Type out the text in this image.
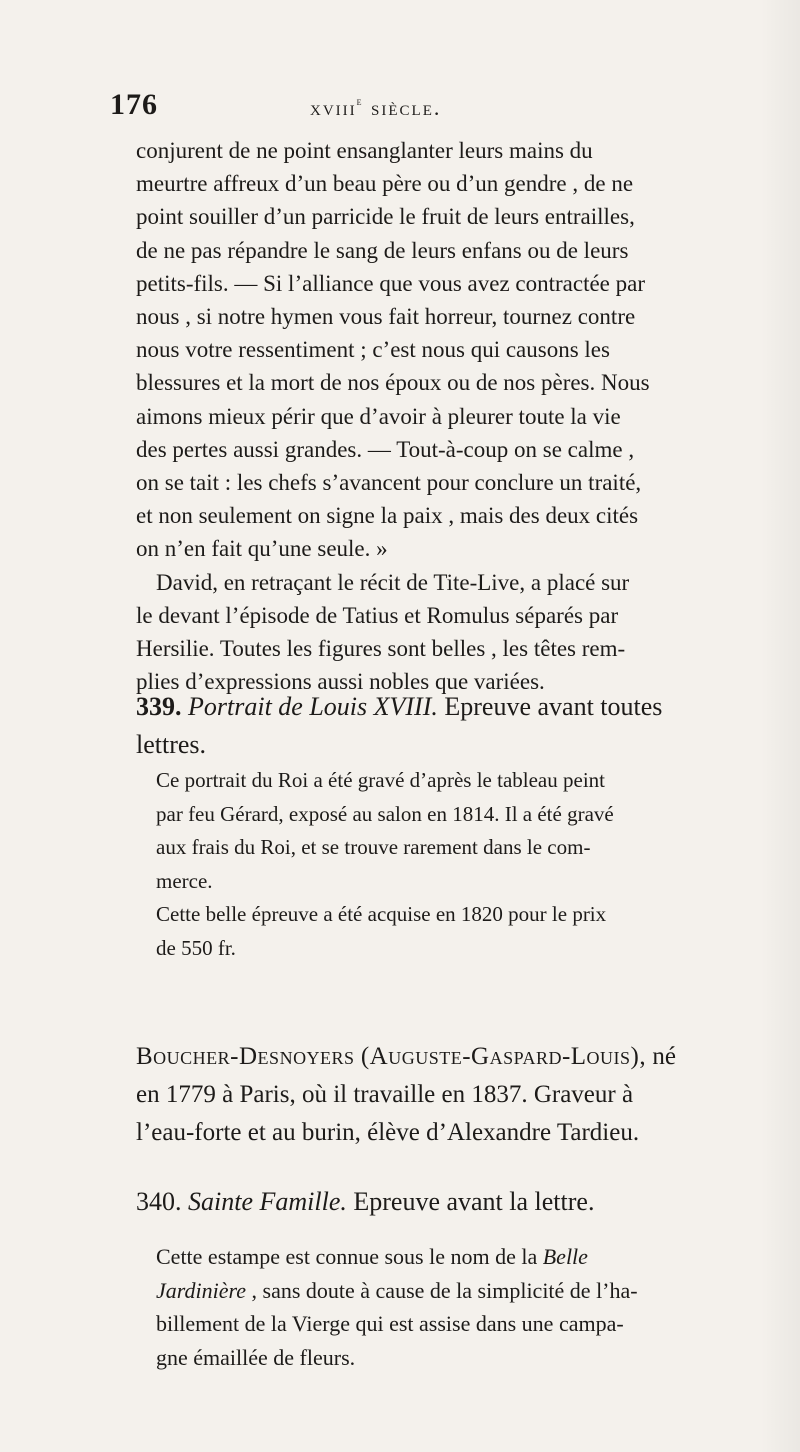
176	xviii$^e$ siècle.
conjurent de ne point ensanglanter leurs mains du
meurtre affreux d’un beau père ou d’un gendre , de ne
point souiller d’un parricide le fruit de leurs entrailles,
de ne pas répandre le sang de leurs enfans ou de leurs
petits-fils. — Si l’alliance que vous avez contractée par
nous , si notre hymen vous fait horreur, tournez contre
nous votre ressentiment ; c’est nous qui causons les
blessures et la mort de nos époux ou de nos pères. Nous
aimons mieux périr que d’avoir à pleurer toute la vie
des pertes aussi grandes. — Tout-à-coup on se calme ,
on se tait : les chefs s’avancent pour conclure un traité,
et non seulement on signe la paix , mais des deux cités
on n’en fait qu’une seule. »
David, en retraçant le récit de Tite-Live, a placé sur
le devant l’épisode de Tatius et Romulus séparés par
Hersilie. Toutes les figures sont belles , les têtes rem-
plies d’expressions aussi nobles que variées.
339. Portrait de Louis XVIII. Epreuve avant toutes
lettres.
Ce portrait du Roi a été gravé d’après le tableau peint
par feu Gérard, exposé au salon en 1814. Il a été gravé
aux frais du Roi, et se trouve rarement dans le com-
merce.
Cette belle épreuve a été acquise en 1820 pour le prix
de 550 fr.
Boucher-Desnoyers (Auguste-Gaspard-Louis), né
en 1779 à Paris, où il travaille en 1837. Graveur à
l’eau-forte et au burin, élève d’Alexandre Tardieu.
340. Sainte Famille. Epreuve avant la lettre.
Cette estampe est connue sous le nom de la Belle
Jardinière , sans doute à cause de la simplicité de l’ha-
billement de la Vierge qui est assise dans une campa-
gne émaillée de fleurs.
